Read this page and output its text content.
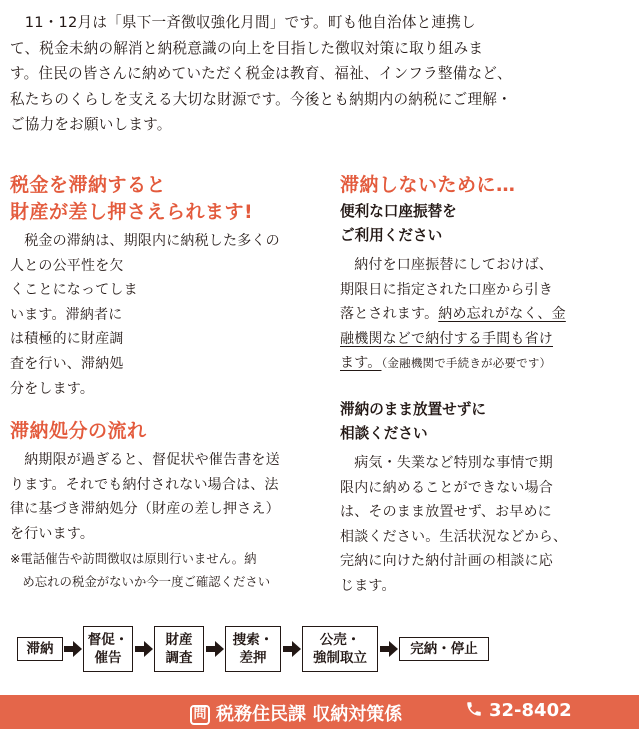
　11・12月は「県下一斉徴収強化月間」です。町も他自治体と連携し

て、税金未納の解消と納税意識の向上を目指した徴収対策に取り組みま

す。住民の皆さんに納めていただく税金は教育、福祉、インフラ整備など、

私たちのくらしを支える大切な財源です。今後とも納期内の納税にご理解・

ご協力をお願いします。

税金を滞納すると
財産が差し押さえられます!

　税金の滞納は、期限内に納税した多くの

人との公平性を欠

くことになってしま

います。滞納者に

は積極的に財産調

査を行い、滞納処

分をします。

滞納処分の流れ

　納期限が過ぎると、督促状や催告書を送

ります。それでも納付されない場合は、法

律に基づき滞納処分（財産の差し押さえ）

を行います。

※電話催告や訪問徴収は原則行いません。納
　め忘れの税金がないか今一度ご確認ください
滞納しないために…
便利な口座振替を
ご利用ください

　納付を口座振替にしておけば、

期限日に指定された口座から引き

落とされます。納め忘れがなく、金

融機関などで納付する手間も省け

ます。（金融機関で手続きが必要です）

滞納のまま放置せずに
相談ください

　病気・失業など特別な事情で期

限内に納めることができない場合

は、そのまま放置せず、お早めに

相談ください。生活状況などから、

完納に向けた納付計画の相談に応

じます。

滞納
督促・
催告
財産
調査
捜索・
差押
公売・
強制取立
完納・停止
問 税務住民課 収納対策係	32-8402
